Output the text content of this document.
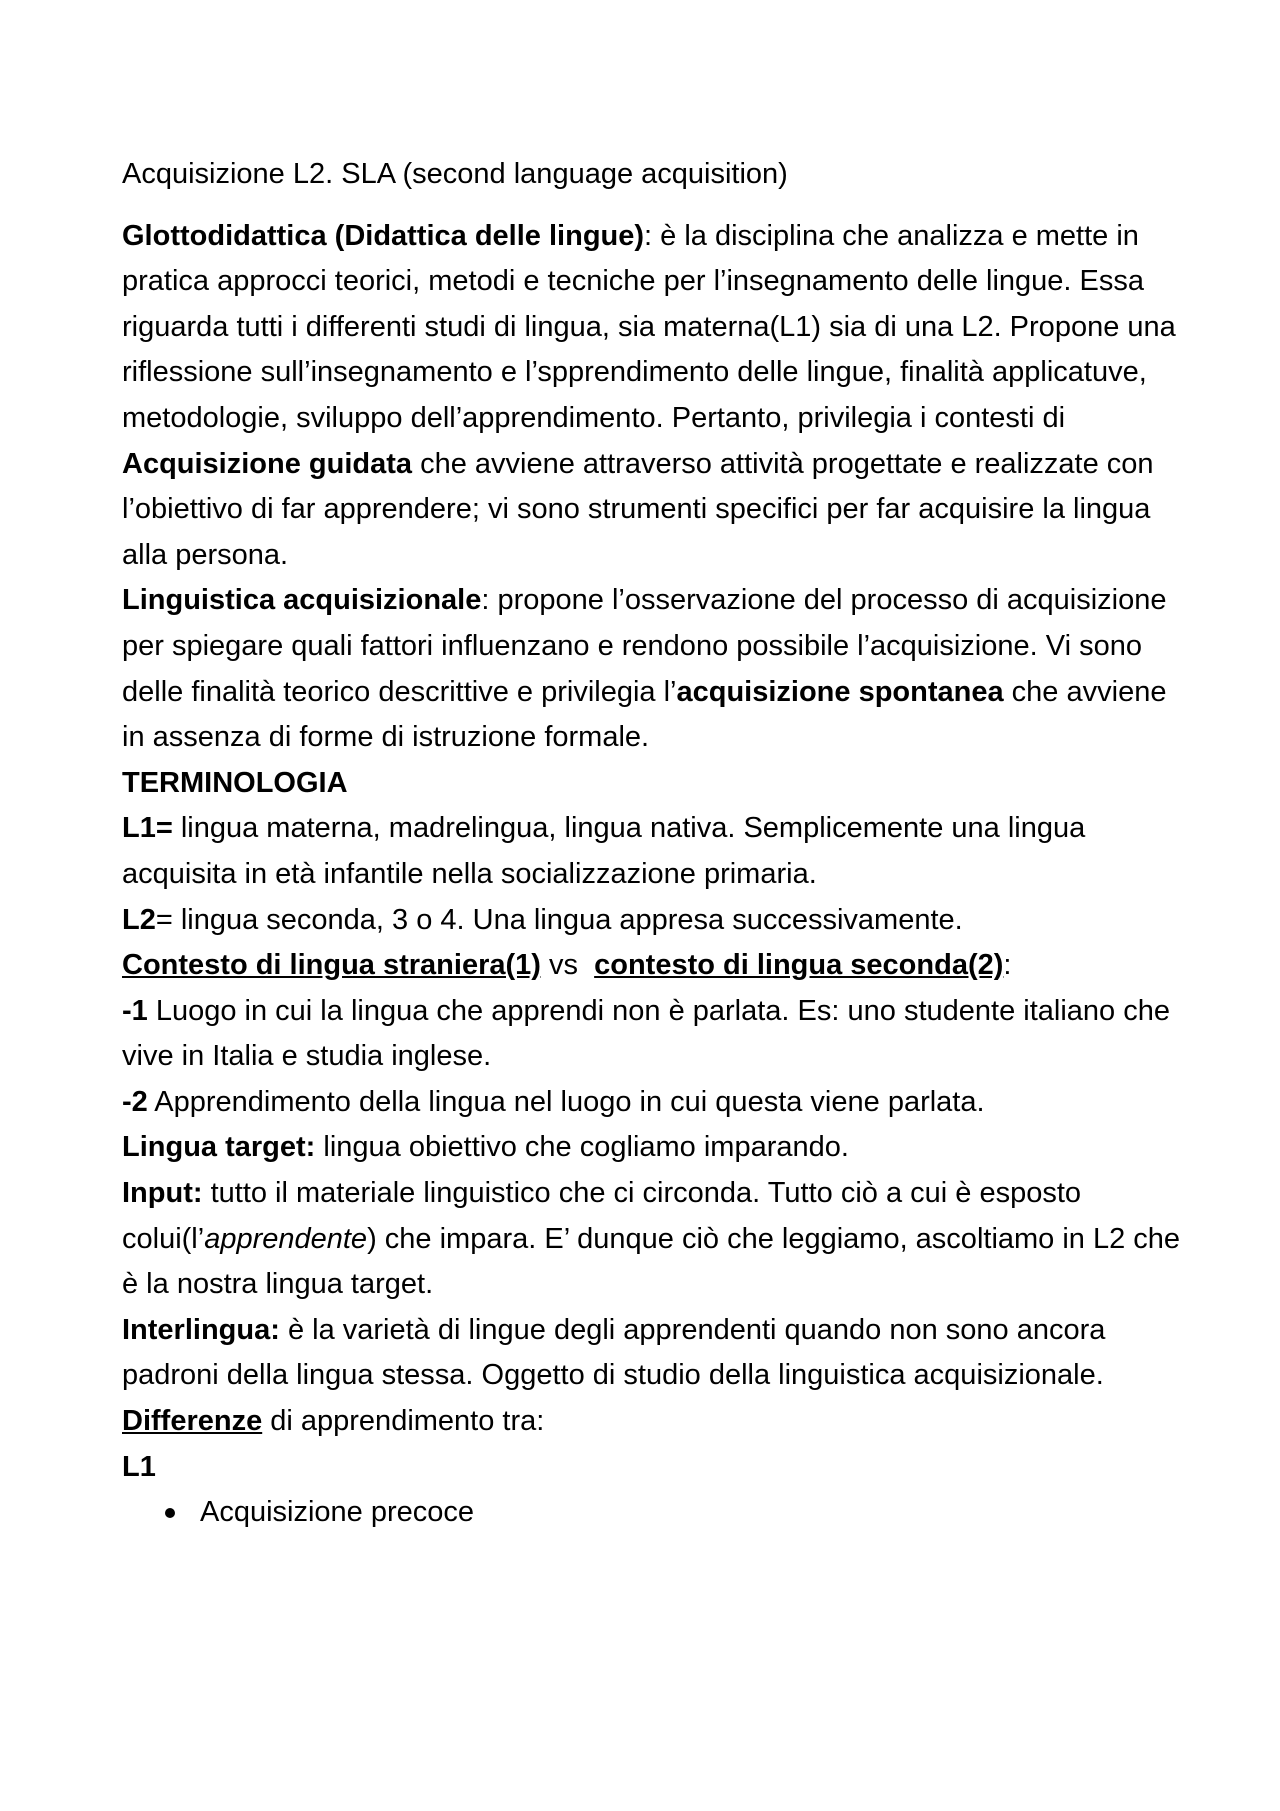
Acquisizione L2. SLA (second language acquisition)

Glottodidattica (Didattica delle lingue): è la disciplina che analizza e mette in pratica approcci teorici, metodi e tecniche per l’insegnamento delle lingue. Essa riguarda tutti i differenti studi di lingua, sia materna(L1) sia di una L2. Propone una riflessione sull’insegnamento e l’spprendimento delle lingue, finalità applicatuve, metodologie, sviluppo dell’apprendimento. Pertanto, privilegia i contesti di Acquisizione guidata che avviene attraverso attività progettate e realizzate con l’obiettivo di far apprendere; vi sono strumenti specifici per far acquisire la lingua alla persona.

Linguistica acquisizionale: propone l’osservazione del processo di acquisizione per spiegare quali fattori influenzano e rendono possibile l’acquisizione. Vi sono delle finalità teorico descrittive e privilegia l’acquisizione spontanea che avviene in assenza di forme di istruzione formale.

TERMINOLOGIA

L1= lingua materna, madrelingua, lingua nativa. Semplicemente una lingua acquisita in età infantile nella socializzazione primaria.

L2= lingua seconda, 3 o 4. Una lingua appresa successivamente.

Contesto di lingua straniera(1) vs  contesto di lingua seconda(2):

-1 Luogo in cui la lingua che apprendi non è parlata. Es: uno studente italiano che vive in Italia e studia inglese.

-2 Apprendimento della lingua nel luogo in cui questa viene parlata.

Lingua target: lingua obiettivo che cogliamo imparando.

Input: tutto il materiale linguistico che ci circonda. Tutto ciò a cui è esposto colui(l’apprendente) che impara. E’ dunque ciò che leggiamo, ascoltiamo in L2 che è la nostra lingua target.

Interlingua: è la varietà di lingue degli apprendenti quando non sono ancora padroni della lingua stessa. Oggetto di studio della linguistica acquisizionale.

Differenze di apprendimento tra:

L1

Acquisizione precoce
